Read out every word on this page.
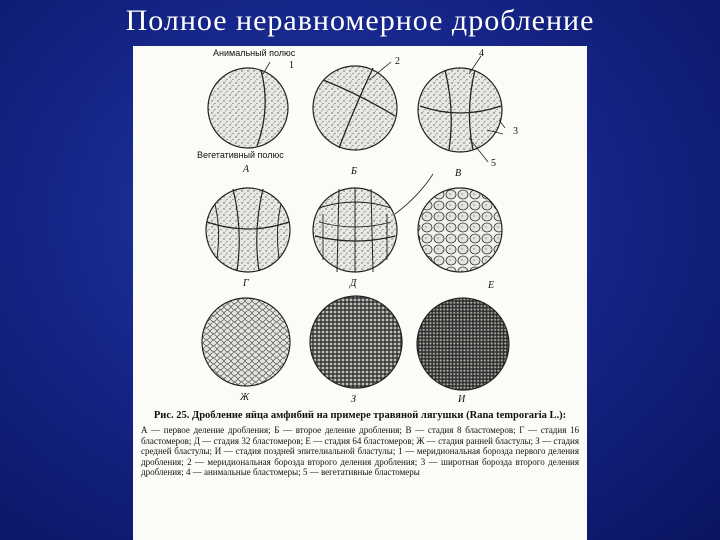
Полное неравномерное дробление
Анимальный полюс
Вегетативный полюс
1	2
3
4
5
А	Б	В
Г	Д	Е
Ж	З	И
Рис. 25. Дробление яйца амфибий на примере травяной лягушки (Rana temporaria L.):
А — первое деление дробления; Б — второе деление дробления; В — стадия 8 бластомеров; Г — стадия 16 бластомеров; Д — стадия 32 бластомеров; Е — стадия 64 бластомеров; Ж — стадия ранней бластулы; З — стадия средней бластулы; И — стадия поздней эпителиальной бластулы; 1 — меридиональная борозда первого деления дробления; 2 — меридиональная борозда второго деления дробления; 3 — широтная борозда второго деления дробления; 4 — анимальные бластомеры; 5 — вегетативные бластомеры
